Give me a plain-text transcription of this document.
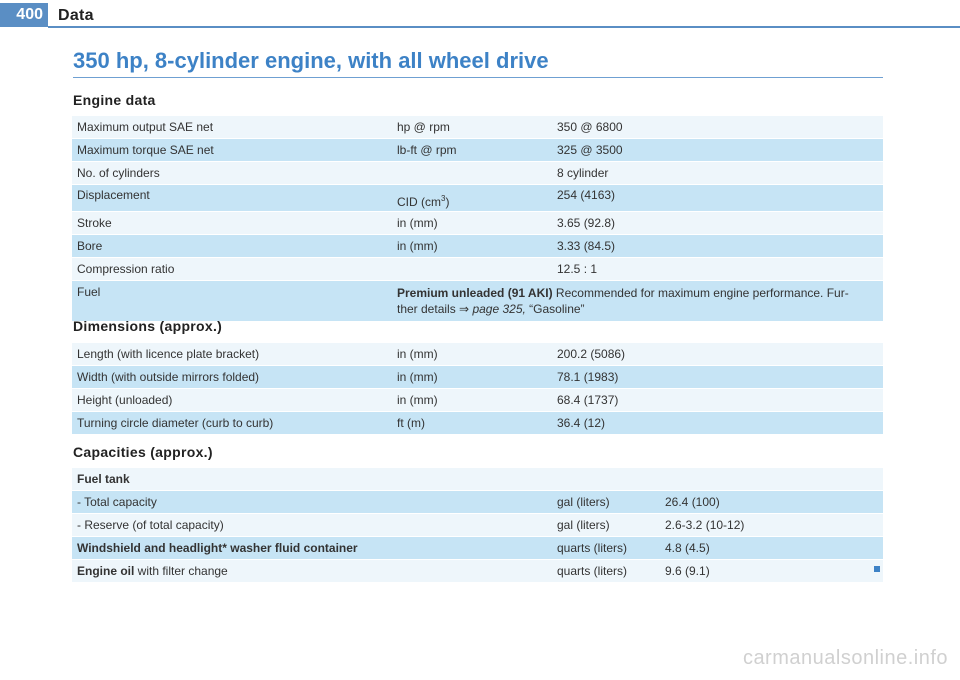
400 Data
350 hp, 8-cylinder engine, with all wheel drive
Engine data
Maximum output SAE net	hp @ rpm	350 @ 6800
Maximum torque SAE net	lb-ft @ rpm	325 @ 3500
No. of cylinders		8 cylinder
Displacement	CID $(cm^3)$	254 (4163)
Stroke	in (mm)	3.65 (92.8)
Bore	in (mm)	3.33 (84.5)
Compression ratio		12.5 : 1
Fuel	Premium unleaded (91 AKI) Recommended for maximum engine performance. Fur-
ther details ⇒ page 325, “Gasoline”	
Dimensions (approx.)
Length (with licence plate bracket)	in (mm)	200.2 (5086)
Width (with outside mirrors folded)	in (mm)	78.1 (1983)
Height (unloaded)	in (mm)	68.4 (1737)
Turning circle diameter (curb to curb)	ft (m)	36.4 (12)
Capacities (approx.)
Fuel tank		
- Total capacity	gal (liters)	26.4 (100)
- Reserve (of total capacity)	gal (liters)	2.6-3.2 (10-12)
Windshield and headlight* washer fluid container	quarts (liters)	4.8 (4.5)
Engine oil with filter change	quarts (liters)	9.6 (9.1)
carmanualsonline.info
